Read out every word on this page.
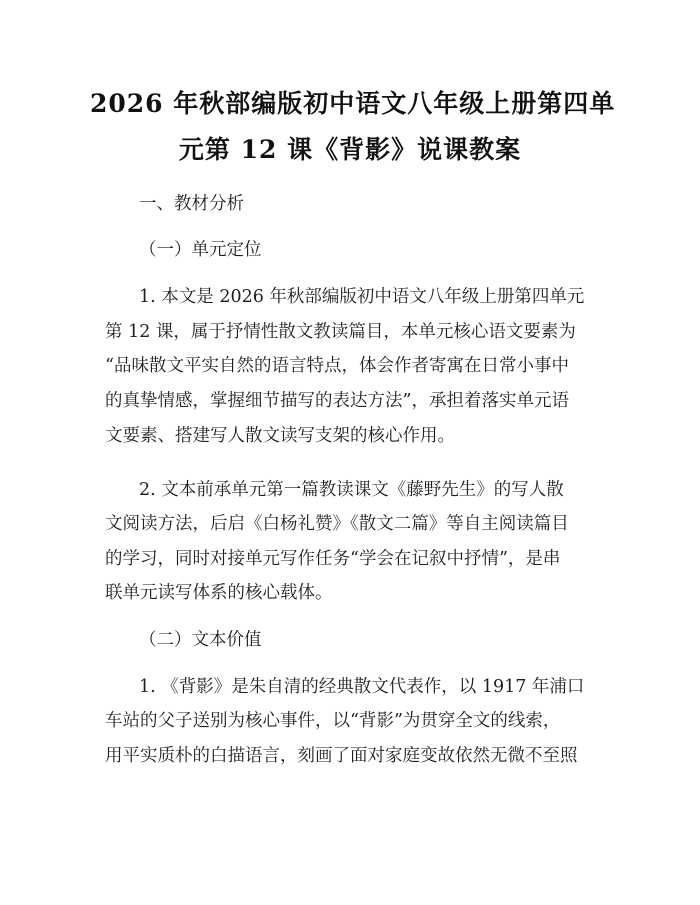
2026 年秋部编版初中语文八年级上册第四单
元第 12 课《背影》说课教案
一、教材分析
（一）单元定位
1. 本文是 2026 年秋部编版初中语文八年级上册第四单元
第 12 课，属于抒情性散文教读篇目，本单元核心语文要素为
“品味散文平实自然的语言特点，体会作者寄寓在日常小事中
的真挚情感，掌握细节描写的表达方法”，承担着落实单元语
文要素、搭建写人散文读写支架的核心作用。
2. 文本前承单元第一篇教读课文《藤野先生》的写人散
文阅读方法，后启《白杨礼赞》《散文二篇》等自主阅读篇目
的学习，同时对接单元写作任务“学会在记叙中抒情”，是串
联单元读写体系的核心载体。
（二）文本价值
1. 《背影》是朱自清的经典散文代表作，以 1917 年浦口
车站的父子送别为核心事件，以“背影”为贯穿全文的线索，
用平实质朴的白描语言，刻画了面对家庭变故依然无微不至照
